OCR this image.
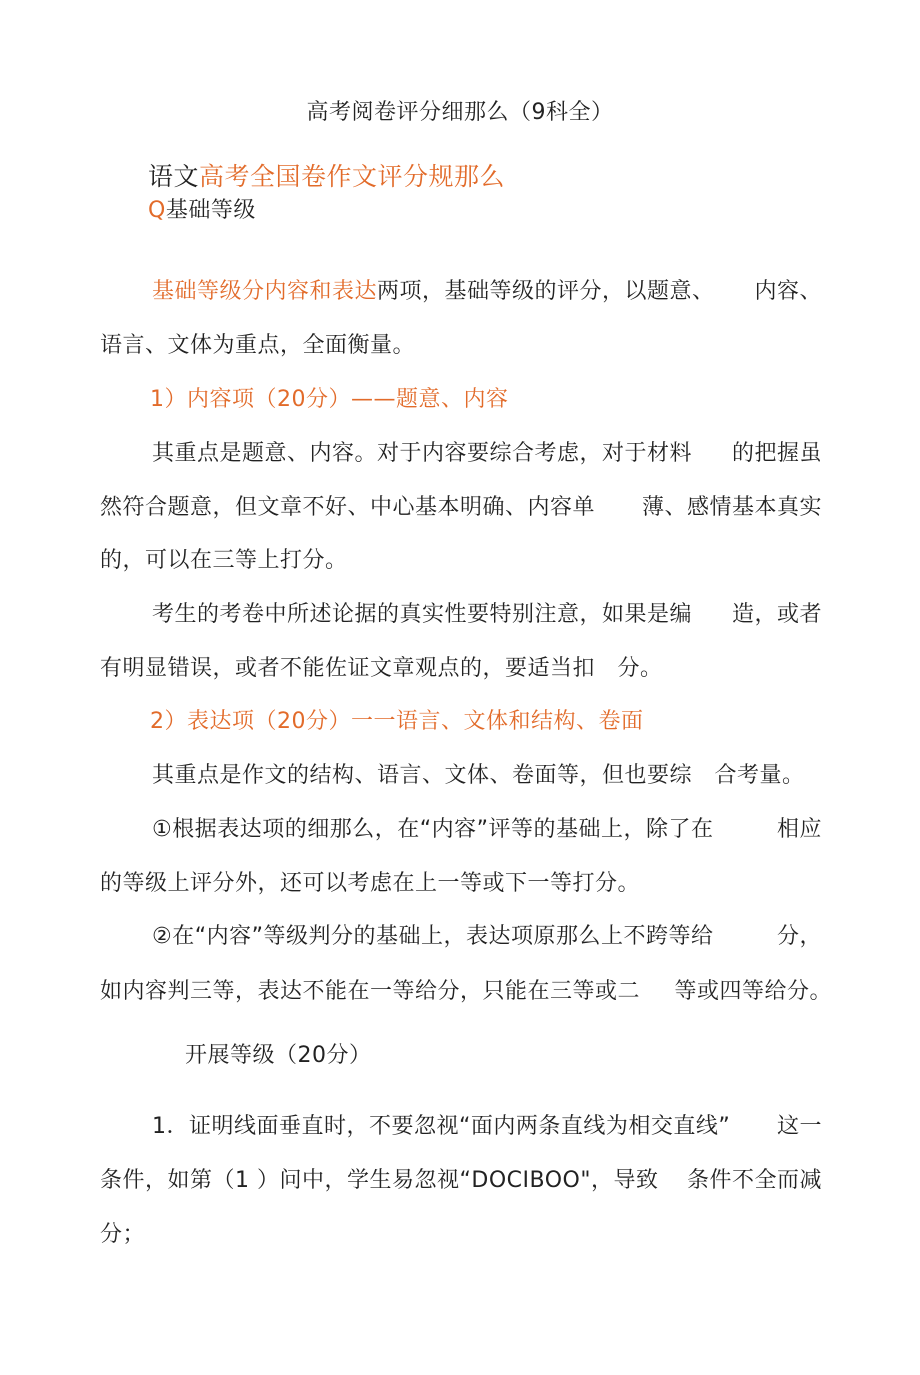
高考阅卷评分细那么（9科全）
语文高考全国卷作文评分规那么
Q基础等级
基础等级分内容和表达两项，基础等级的评分，以题意、 内容、
语言、文体为重点，全面衡量。
1）内容项（20分）——题意、内容
其重点是题意、内容。对于内容要综合考虑，对于材料 的把握虽
然符合题意，但文章不好、中心基本明确、内容单 薄、感情基本真实
的，可以在三等上打分。
考生的考卷中所述论据的真实性要特别注意，如果是编 造，或者
有明显错误，或者不能佐证文章观点的，要适当扣　分。
2）表达项（20分）一一语言、文体和结构、卷面
其重点是作文的结构、语言、文体、卷面等，但也要综　合考量。
①根据表达项的细那么，在“内容”评等的基础上，除了在	相应
的等级上评分外，还可以考虑在上一等或下一等打分。
②在“内容”等级判分的基础上，表达项原那么上不跨等给	分，
如内容判三等，表达不能在一等给分，只能在三等或二 等或四等给分。
开展等级（20分）
1．证明线面垂直时，不要忽视“面内两条直线为相交直线” 这一
条件，如第（1 ）问中，学生易忽视“DOCIBOO"，导致 条件不全而减
分；
